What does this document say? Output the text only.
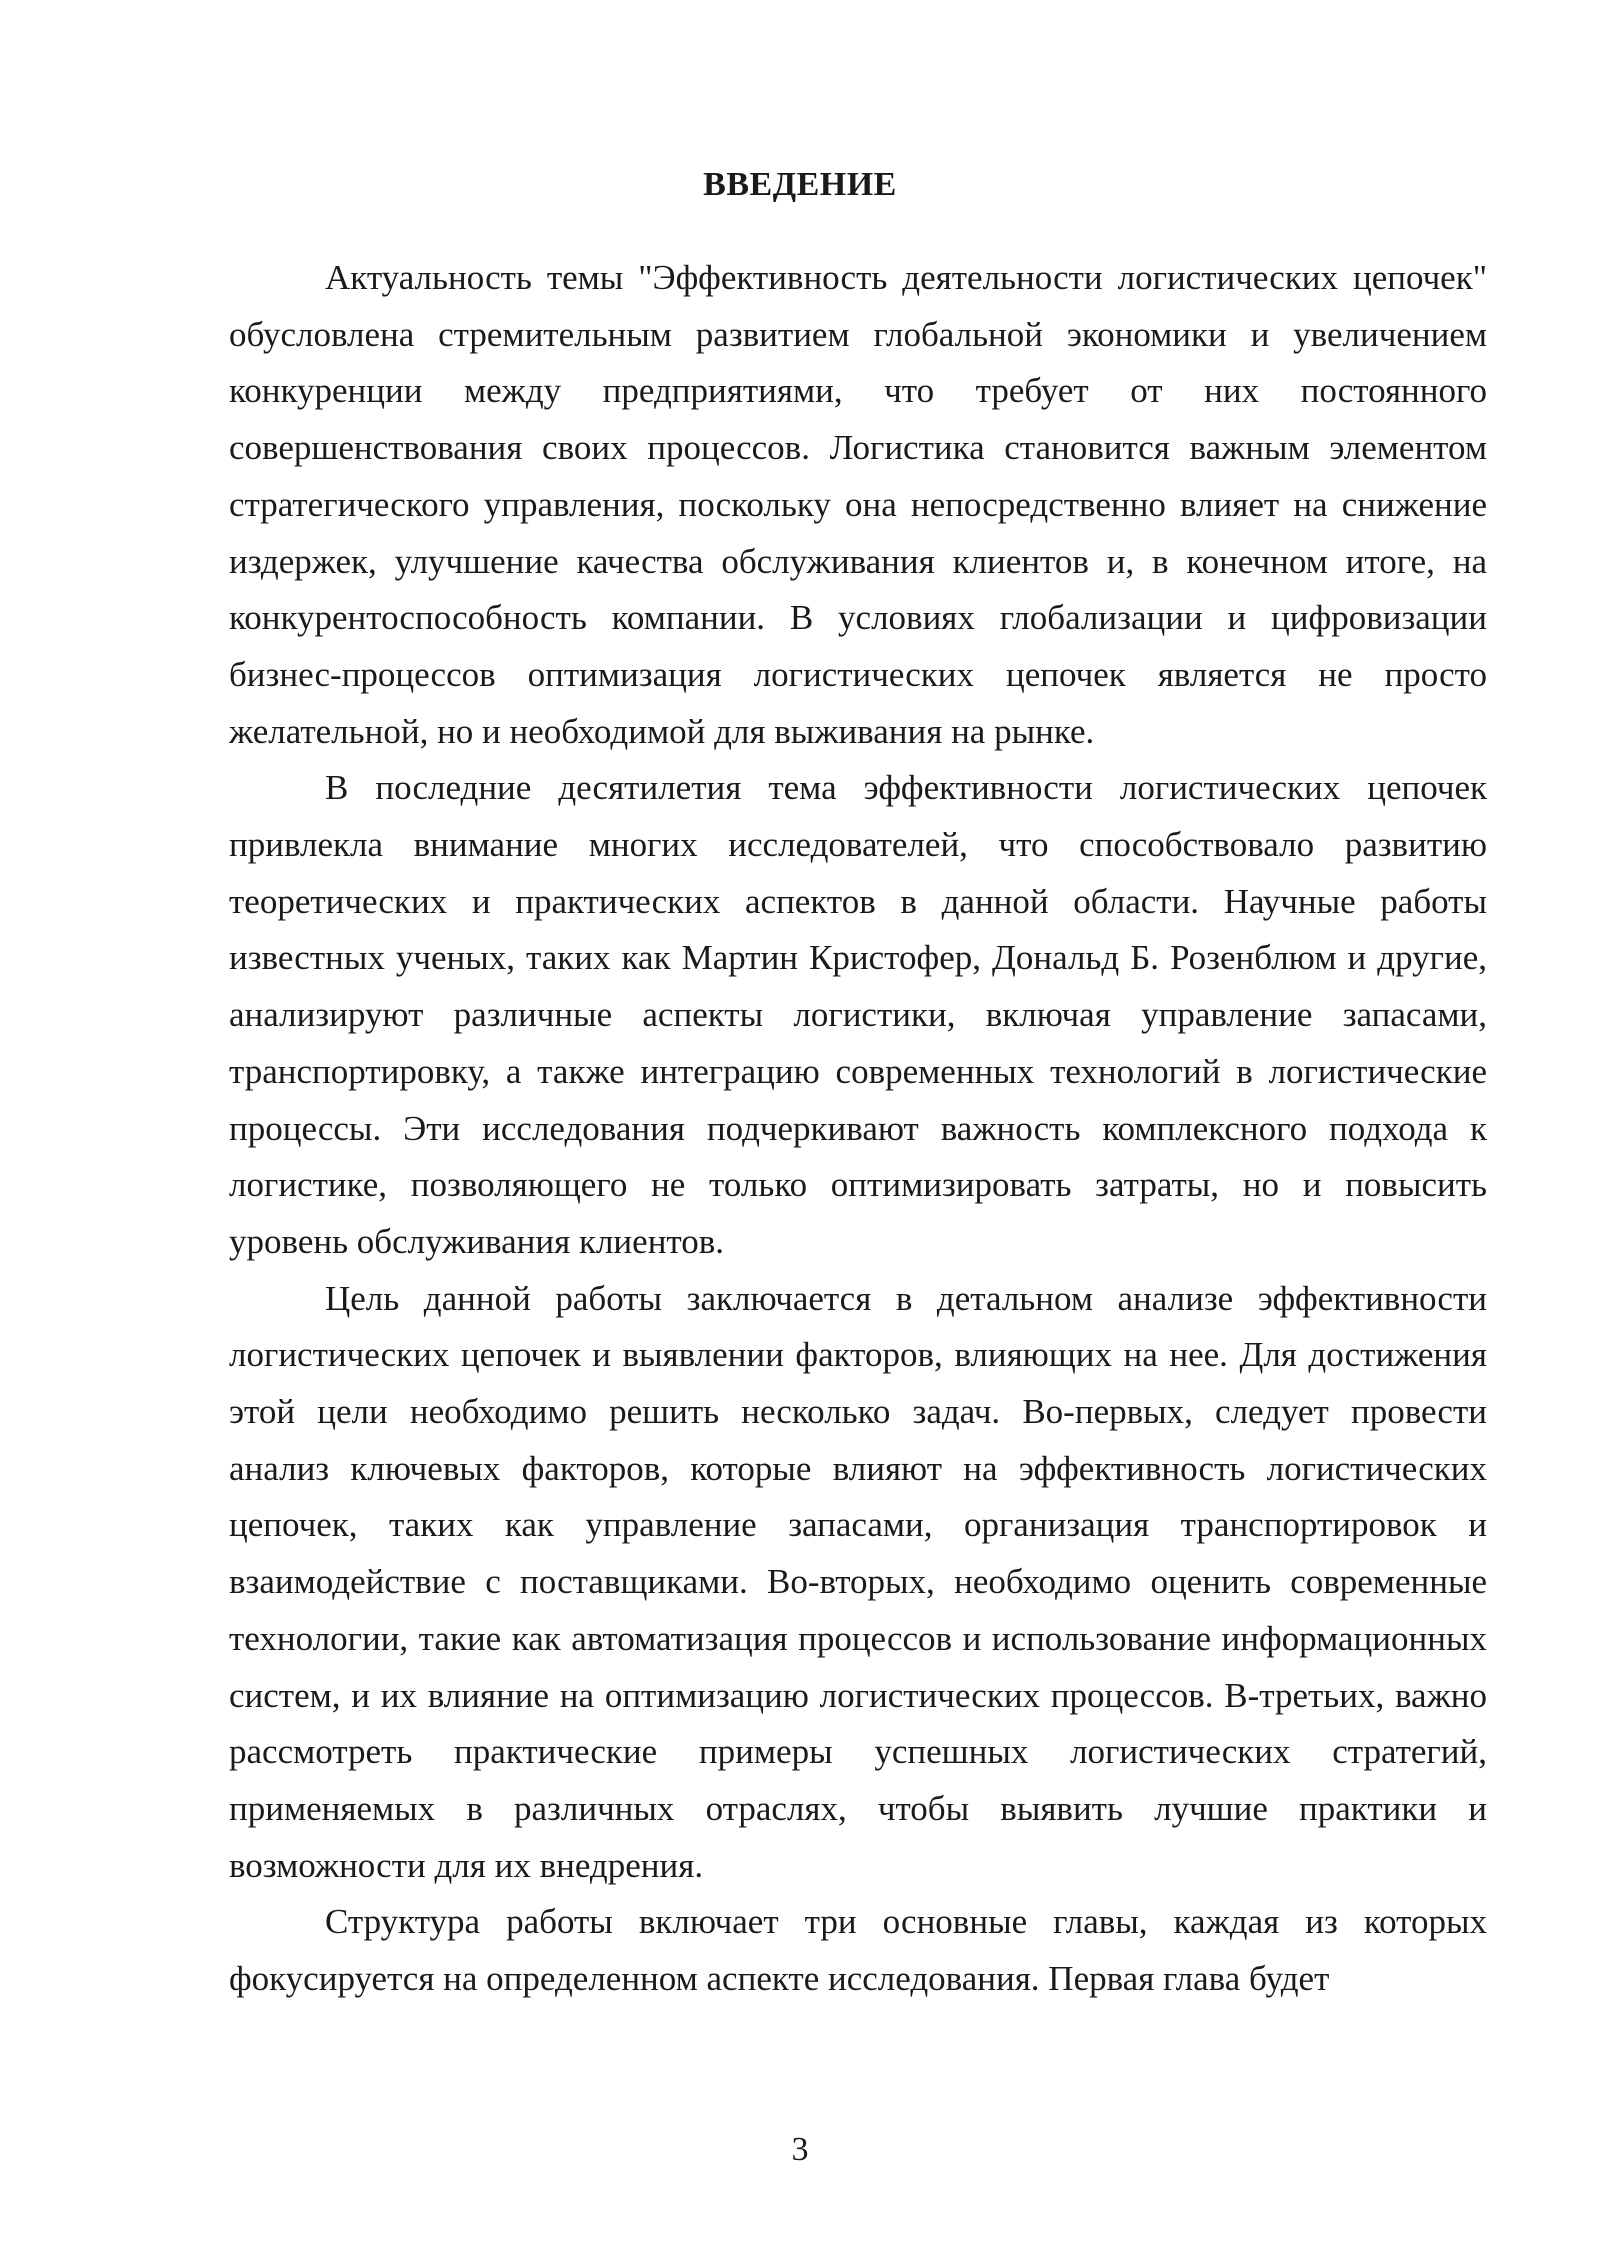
ВВЕДЕНИЕ

Актуальность темы "Эффективность деятельности логистических цепочек" обусловлена стремительным развитием глобальной экономики и увеличением конкуренции между предприятиями, что требует от них постоянного совершенствования своих процессов. Логистика становится важным элементом стратегического управления, поскольку она непосредственно влияет на снижение издержек, улучшение качества обслуживания клиентов и, в конечном итоге, на конкурентоспособность компании. В условиях глобализации и цифровизации бизнес-процессов оптимизация логистических цепочек является не просто желательной, но и необходимой для выживания на рынке.

В последние десятилетия тема эффективности логистических цепочек привлекла внимание многих исследователей, что способствовало развитию теоретических и практических аспектов в данной области. Научные работы известных ученых, таких как Мартин Кристофер, Дональд Б. Розенблюм и другие, анализируют различные аспекты логистики, включая управление запасами, транспортировку, а также интеграцию современных технологий в логистические процессы. Эти исследования подчеркивают важность комплексного подхода к логистике, позволяющего не только оптимизировать затраты, но и повысить уровень обслуживания клиентов.

Цель данной работы заключается в детальном анализе эффективности логистических цепочек и выявлении факторов, влияющих на нее. Для достижения этой цели необходимо решить несколько задач. Во-первых, следует провести анализ ключевых факторов, которые влияют на эффективность логистических цепочек, таких как управление запасами, организация транспортировок и взаимодействие с поставщиками. Во-вторых, необходимо оценить современные технологии, такие как автоматизация процессов и использование информационных систем, и их влияние на оптимизацию логистических процессов. В-третьих, важно рассмотреть практические примеры успешных логистических стратегий, применяемых в различных отраслях, чтобы выявить лучшие практики и возможности для их внедрения.

Структура работы включает три основные главы, каждая из которых фокусируется на определенном аспекте исследования. Первая глава будет

3
